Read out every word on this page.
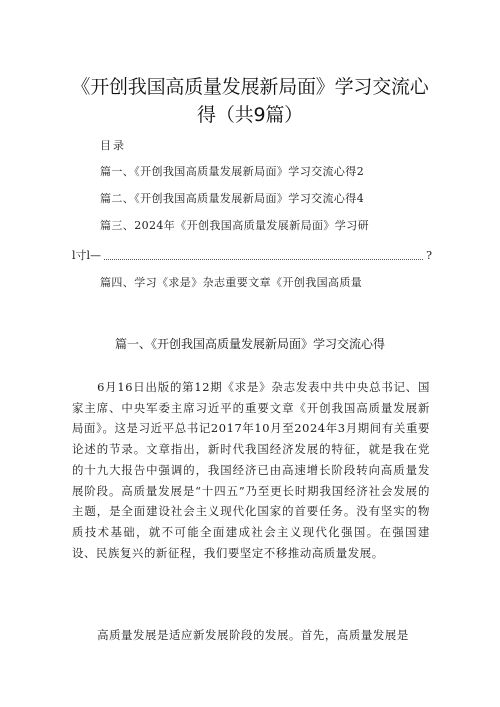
《开创我国高质量发展新局面》学习交流心得（共9篇）
目录
篇一、《开创我国高质量发展新局面》学习交流心得2
篇二、《开创我国高质量发展新局面》学习交流心得4
篇三、2024年《开创我国高质量发展新局面》学习研
l寸l—	?
篇四、学习《求是》杂志重要文章《开创我国高质量
篇一、《开创我国高质量发展新局面》学习交流心得

6月16日出版的第12期《求是》杂志发表中共中央总书记、国家主席、中央军委主席习近平的重要文章《开创我国高质量发展新局面》。这是习近平总书记2017年10月至2024年3月期间有关重要论述的节录。文章指出，新时代我国经济发展的特征，就是我在党的十九大报告中强调的，我国经济已由高速增长阶段转向高质量发展阶段。高质量发展是“十四五”乃至更长时期我国经济社会发展的主题，是全面建设社会主义现代化国家的首要任务。没有坚实的物质技术基础，就不可能全面建成社会主义现代化强国。在强国建设、民族复兴的新征程，我们要坚定不移推动高质量发展。

高质量发展是适应新发展阶段的发展。首先，高质量发展是
